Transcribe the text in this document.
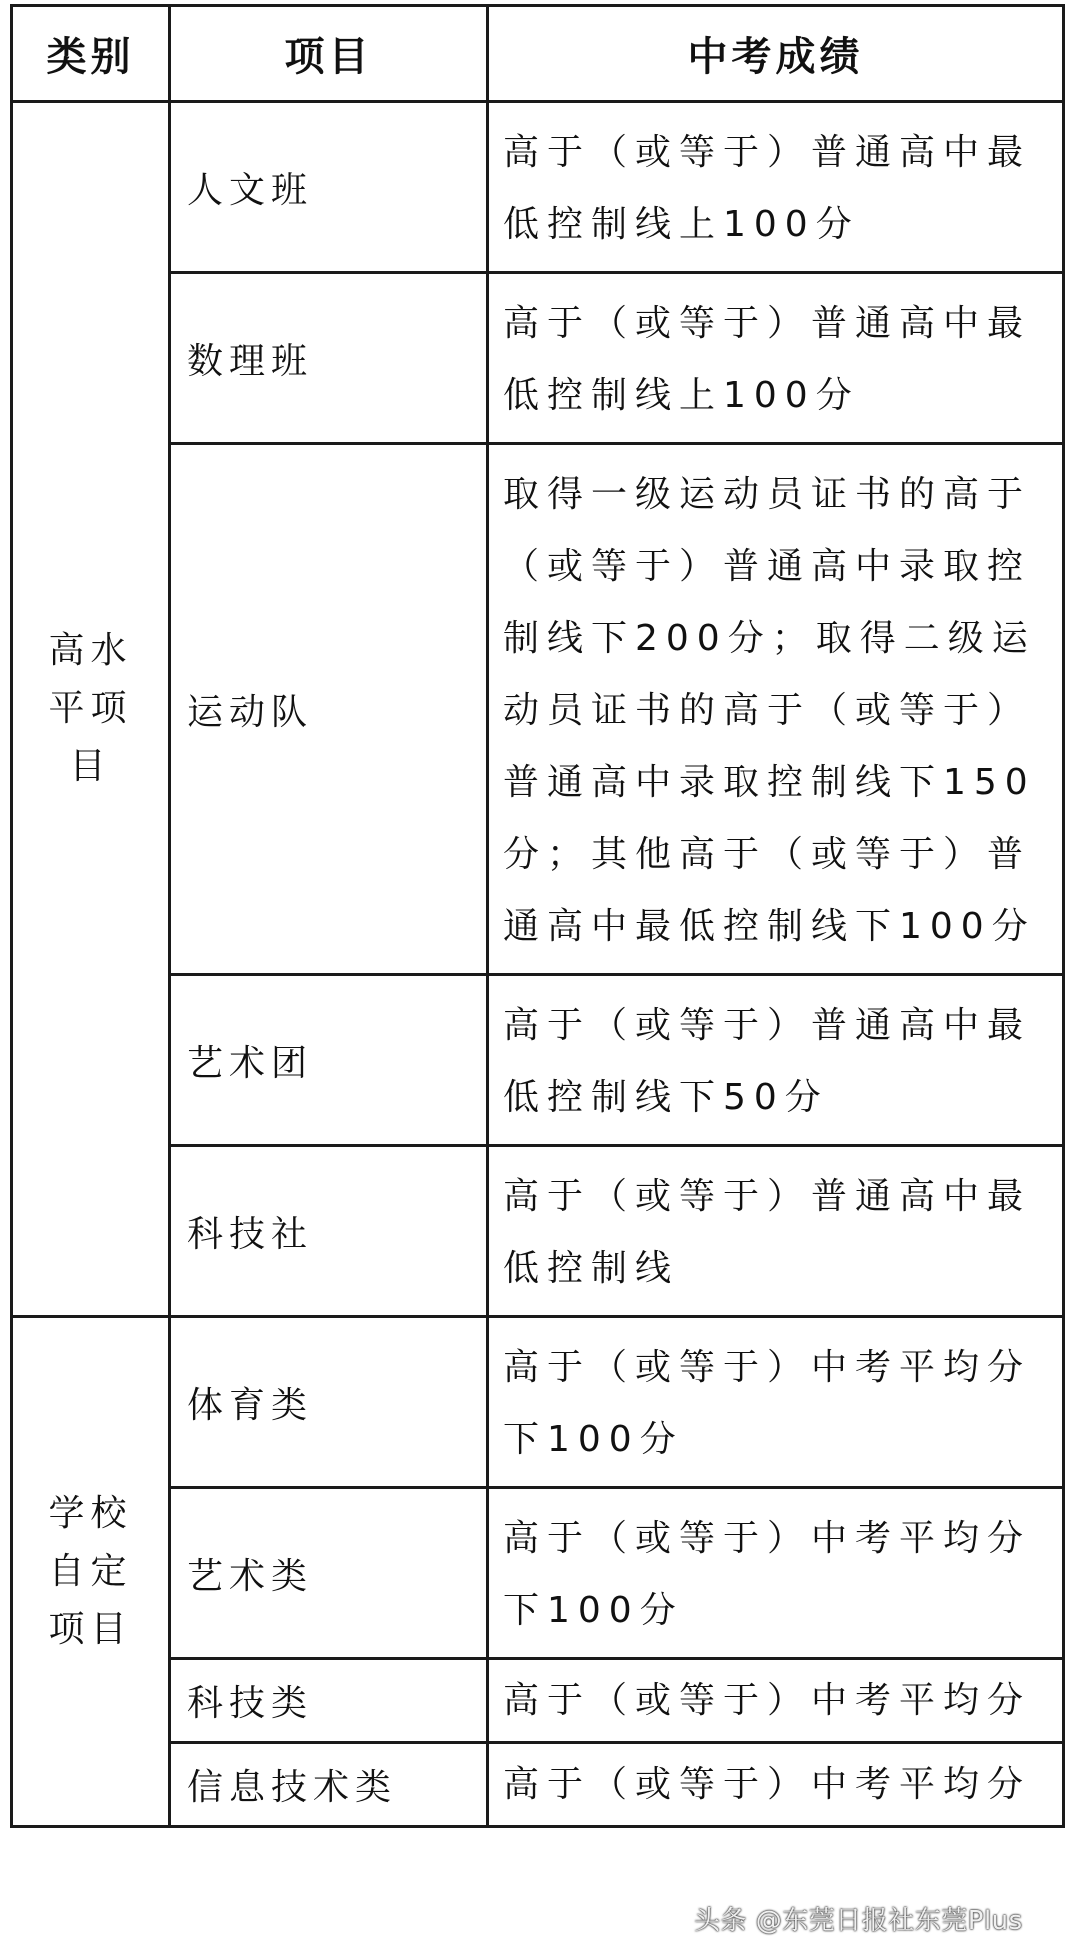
类别	项目	中考成绩
高水平项目	人文班	高于（或等于）普通高中最低控制线上100分
	数理班	高于（或等于）普通高中最低控制线上100分
	运动队	取得一级运动员证书的高于（或等于）普通高中录取控制线下200分；取得二级运动员证书的高于（或等于）普通高中录取控制线下150分；其他高于（或等于）普通高中最低控制线下100分
	艺术团	高于（或等于）普通高中最低控制线下50分
	科技社	高于（或等于）普通高中最低控制线
学校自定项目	体育类	高于（或等于）中考平均分下100分
	艺术类	高于（或等于）中考平均分下100分
	科技类	高于（或等于）中考平均分
	信息技术类	高于（或等于）中考平均分
头条 @东莞日报社东莞Plus
